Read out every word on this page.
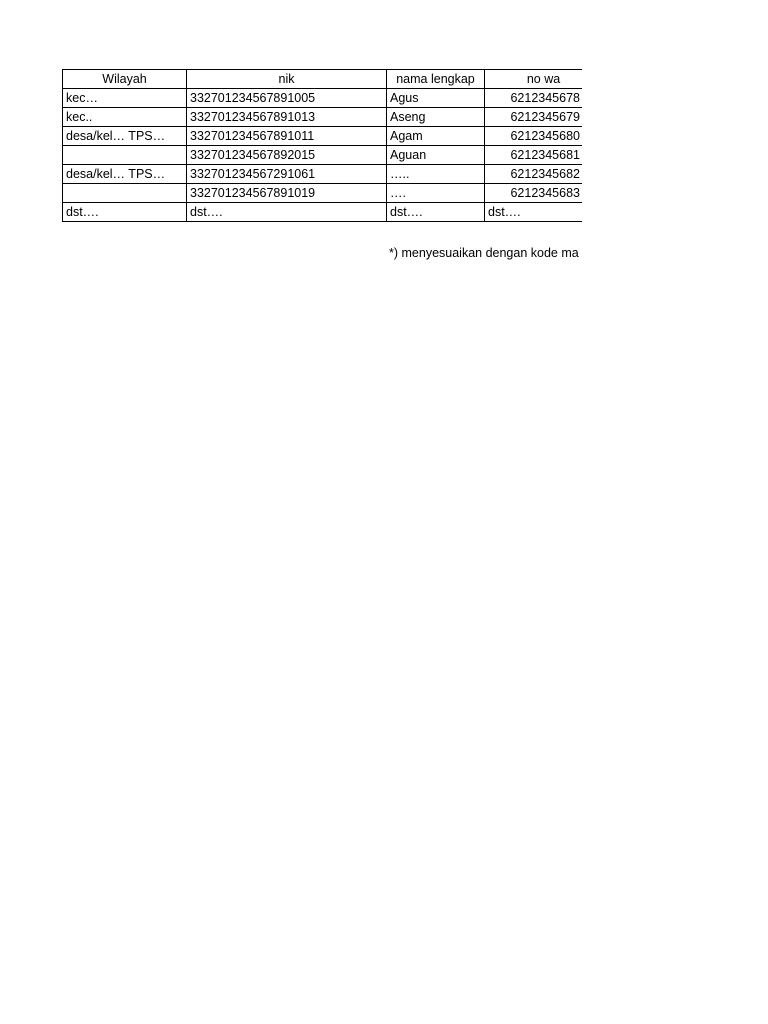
Wilayah	nik	nama lengkap	no wa
kec…	332701234567891005	Agus	6212345678
kec..	332701234567891013	Aseng	6212345679
desa/kel… TPS…	332701234567891011	Agam	6212345680
	332701234567892015	Aguan	6212345681
desa/kel… TPS…	332701234567291061	…..	6212345682
	332701234567891019	….	6212345683
dst….	dst….	dst….	dst….
*) menyesuaikan dengan kode ma
